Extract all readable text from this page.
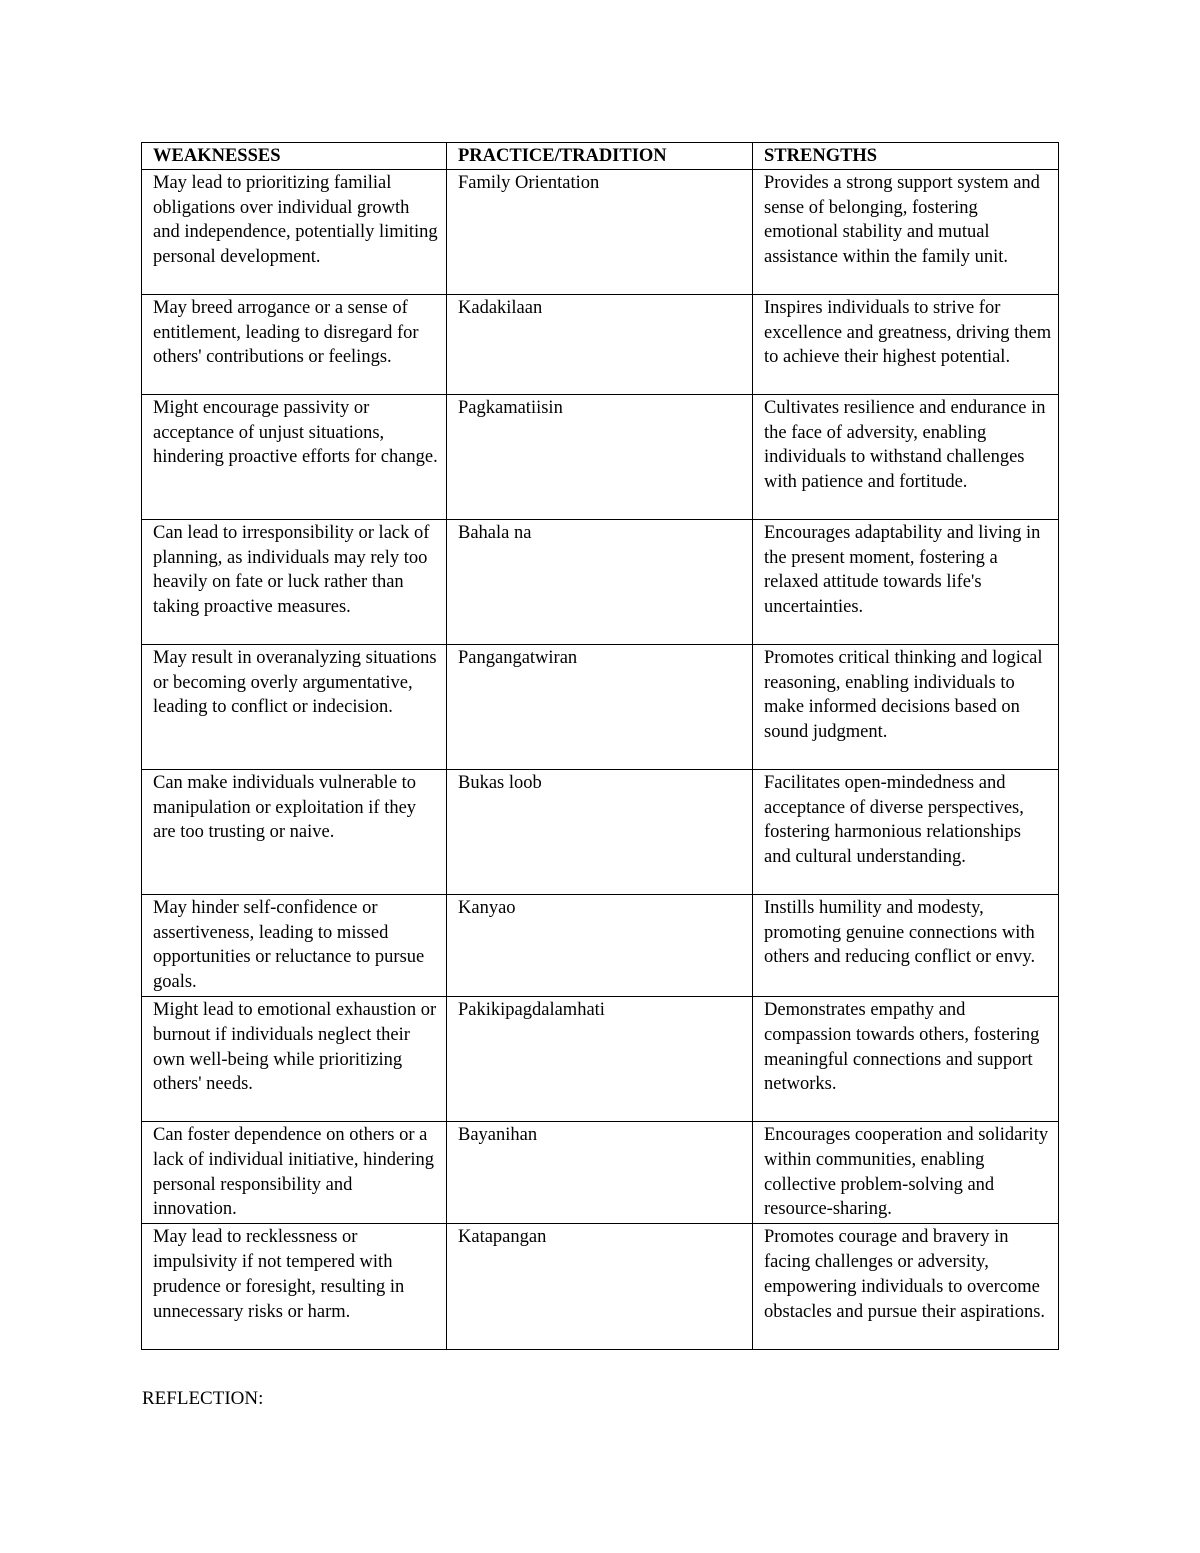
WEAKNESSES	PRACTICE/TRADITION	STRENGTHS
May lead to prioritizing familial obligations over individual growth and independence, potentially limiting personal development.	Family Orientation	Provides a strong support system and sense of belonging, fostering emotional stability and mutual assistance within the family unit.
May breed arrogance or a sense of entitlement, leading to disregard for others' contributions or feelings.	Kadakilaan	Inspires individuals to strive for excellence and greatness, driving them to achieve their highest potential.
Might encourage passivity or acceptance of unjust situations, hindering proactive efforts for change.	Pagkamatiisin	Cultivates resilience and endurance in the face of adversity, enabling individuals to withstand challenges with patience and fortitude.
Can lead to irresponsibility or lack of planning, as individuals may rely too heavily on fate or luck rather than taking proactive measures.	Bahala na	Encourages adaptability and living in the present moment, fostering a relaxed attitude towards life's uncertainties.
May result in overanalyzing situations or becoming overly argumentative, leading to conflict or indecision.	Pangangatwiran	Promotes critical thinking and logical reasoning, enabling individuals to make informed decisions based on sound judgment.
Can make individuals vulnerable to manipulation or exploitation if they are too trusting or naive.	Bukas loob	Facilitates open-mindedness and acceptance of diverse perspectives, fostering harmonious relationships and cultural understanding.
May hinder self-confidence or assertiveness, leading to missed opportunities or reluctance to pursue goals.	Kanyao	Instills humility and modesty, promoting genuine connections with others and reducing conflict or envy.
Might lead to emotional exhaustion or burnout if individuals neglect their own well-being while prioritizing others' needs.	Pakikipagdalamhati	Demonstrates empathy and compassion towards others, fostering meaningful connections and support networks.
Can foster dependence on others or a lack of individual initiative, hindering personal responsibility and innovation.	Bayanihan	Encourages cooperation and solidarity within communities, enabling collective problem-solving and resource-sharing.
May lead to recklessness or impulsivity if not tempered with prudence or foresight, resulting in unnecessary risks or harm.	Katapangan	Promotes courage and bravery in facing challenges or adversity, empowering individuals to overcome obstacles and pursue their aspirations.
REFLECTION:
